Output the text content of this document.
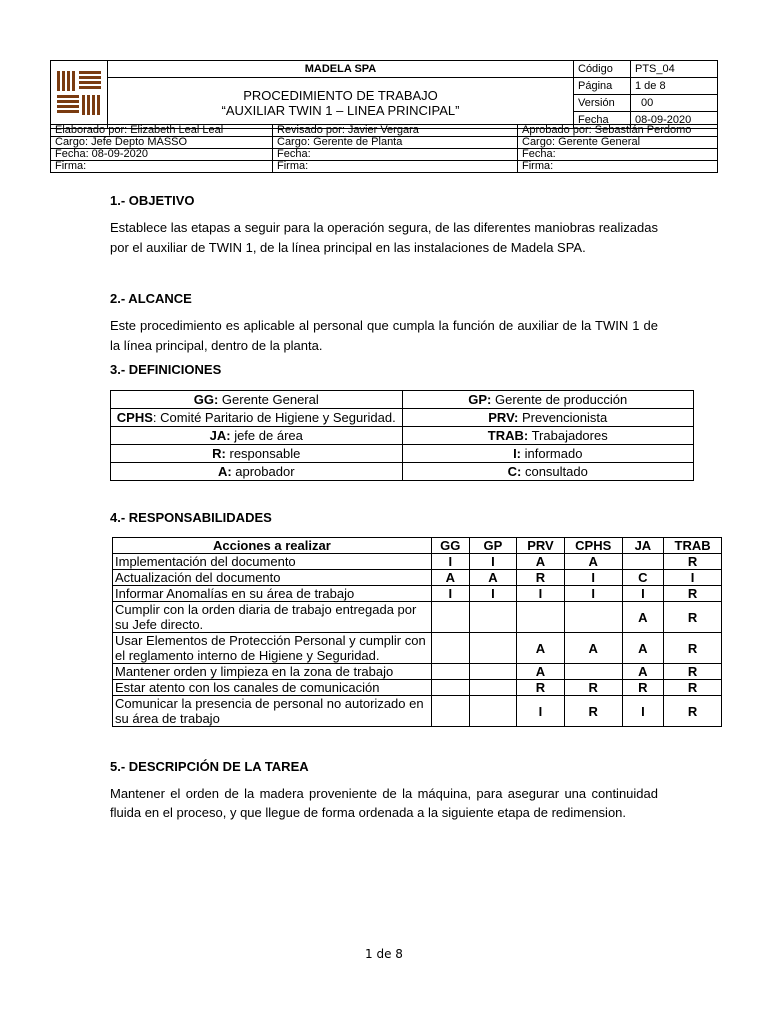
	MADELA SPA	Código	PTS_04

	PROCEDIMIENTO DE TRABAJO
“AUXILIAR TWIN 1 – LINEA PRINCIPAL”	Página	1 de 8
		Versión	00
		Fecha	08-09-2020
Elaborado por: Elizabeth Leal Leal	Revisado por: Javier Vergara	Aprobado por: Sebastián Perdomo
Cargo: Jefe Depto MASSO	Cargo: Gerente de Planta	Cargo: Gerente General
Fecha: 08-09-2020	Fecha:	Fecha:
Firma:	Firma:	Firma:
1.- OBJETIVO
Establece las etapas a seguir para la operación segura, de las diferentes maniobras realizadas por el auxiliar de TWIN 1, de la línea principal en las instalaciones de Madela SPA.
2.- ALCANCE
Este procedimiento es aplicable al personal que cumpla la función de auxiliar de la TWIN 1 de la línea principal, dentro de la planta.
3.- DEFINICIONES
GG: Gerente General	GP: Gerente de producción
CPHS: Comité Paritario de Higiene y Seguridad.	PRV: Prevencionista
JA: jefe de área	TRAB: Trabajadores
R: responsable	I: informado
A: aprobador	C: consultado
4.- RESPONSABILIDADES
Acciones a realizar	GG	GP	PRV	CPHS	JA	TRAB
Implementación del documento	I	I	A	A		R
Actualización del documento	A	A	R	I	C	I
Informar Anomalías en su área de trabajo	I	I	I	I	I	R
Cumplir con la orden diaria de trabajo entregada por su Jefe directo.					A	R
Usar Elementos de Protección Personal y cumplir con el reglamento interno de Higiene y Seguridad.			A	A	A	R
Mantener orden y limpieza en la zona de trabajo			A		A	R
Estar atento con los canales de comunicación			R	R	R	R
Comunicar la presencia de personal no autorizado en su área de trabajo			I	R	I	R
5.- DESCRIPCIÓN DE LA TAREA
Mantener el orden de la madera proveniente de la máquina, para asegurar una continuidad fluida en el proceso, y que llegue de forma ordenada a la siguiente etapa de redimension.
1 de 8
